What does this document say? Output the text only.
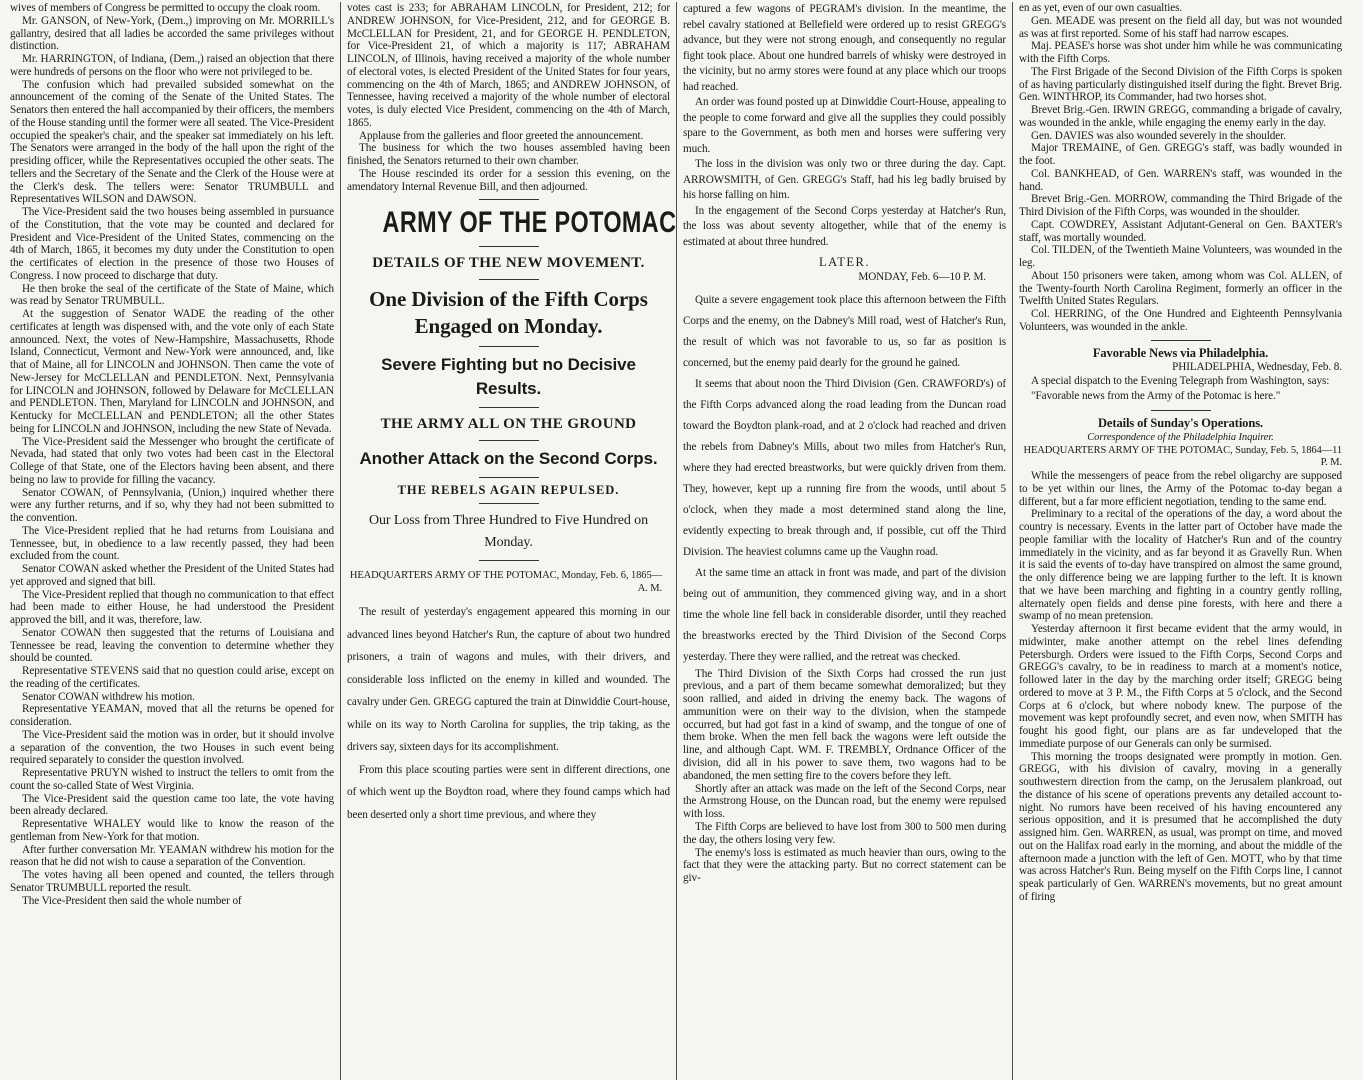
wives of members of Congress be permitted to occupy the cloak room.

Mr. GANSON, of New-York, (Dem.,) improving on Mr. MORRILL's gallantry, desired that all ladies be accorded the same privileges without distinction.

Mr. HARRINGTON, of Indiana, (Dem.,) raised an objection that there were hundreds of persons on the floor who were not privileged to be.

The confusion which had prevailed subsided somewhat on the announcement of the coming of the Senate of the United States. The Senators then entered the hall accompanied by their officers, the members of the House standing until the former were all seated. The Vice-President occupied the speaker's chair, and the speaker sat immediately on his left. The Senators were arranged in the body of the hall upon the right of the presiding officer, while the Representatives occupied the other seats. The tellers and the Secretary of the Senate and the Clerk of the House were at the Clerk's desk. The tellers were: Senator TRUMBULL and Representatives WILSON and DAWSON.

The Vice-President said the two houses being assembled in pursuance of the Constitution, that the vote may be counted and declared for President and Vice-President of the United States, commencing on the 4th of March, 1865, it becomes my duty under the Constitution to open the certificates of election in the presence of those two Houses of Congress. I now proceed to discharge that duty.

He then broke the seal of the certificate of the State of Maine, which was read by Senator TRUMBULL.

At the suggestion of Senator WADE the reading of the other certificates at length was dispensed with, and the vote only of each State announced. Next, the votes of New-Hampshire, Massachusetts, Rhode Island, Connecticut, Vermont and New-York were announced, and, like that of Maine, all for LINCOLN and JOHNSON. Then came the vote of New-Jersey for McCLELLAN and PENDLETON. Next, Pennsylvania for LINCOLN and JOHNSON, followed by Delaware for McCLELLAN and PENDLETON. Then, Maryland for LINCOLN and JOHNSON, and Kentucky for McCLELLAN and PENDLETON; all the other States being for LINCOLN and JOHNSON, including the new State of Nevada.

The Vice-President said the Messenger who brought the certificate of Nevada, had stated that only two votes had been cast in the Electoral College of that State, one of the Electors having been absent, and there being no law to provide for filling the vacancy.

Senator COWAN, of Pennsylvania, (Union,) inquired whether there were any further returns, and if so, why they had not been submitted to the convention.

The Vice-President replied that he had returns from Louisiana and Tennessee, but, in obedience to a law recently passed, they had been excluded from the count.

Senator COWAN asked whether the President of the United States had yet approved and signed that bill.

The Vice-President replied that though no communication to that effect had been made to either House, he had understood the President approved the bill, and it was, therefore, law.

Senator COWAN then suggested that the returns of Louisiana and Tennessee be read, leaving the convention to determine whether they should be counted.

Representative STEVENS said that no question could arise, except on the reading of the certificates.

Senator COWAN withdrew his motion.

Representative YEAMAN, moved that all the returns be opened for consideration.

The Vice-President said the motion was in order, but it should involve a separation of the convention, the two Houses in such event being required separately to consider the question involved.

Representative PRUYN wished to instruct the tellers to omit from the count the so-called State of West Virginia.

The Vice-President said the question came too late, the vote having been already declared.

Representative WHALEY would like to know the reason of the gentleman from New-York for that motion.

After further conversation Mr. YEAMAN withdrew his motion for the reason that he did not wish to cause a separation of the Convention.

The votes having all been opened and counted, the tellers through Senator TRUMBULL reported the result.

The Vice-President then said the whole number of

votes cast is 233; for ABRAHAM LINCOLN, for President, 212; for ANDREW JOHNSON, for Vice-President, 212, and for GEORGE B. McCLELLAN for President, 21, and for GEORGE H. PENDLETON, for Vice-President 21, of which a majority is 117; ABRAHAM LINCOLN, of Illinois, having received a majority of the whole number of electoral votes, is elected President of the United States for four years, commencing on the 4th of March, 1865; and ANDREW JOHNSON, of Tennessee, having received a majority of the whole number of electoral votes, is duly elected Vice President, commencing on the 4th of March, 1865.

Applause from the galleries and floor greeted the announcement.

The business for which the two houses assembled having been finished, the Senators returned to their own chamber.

The House rescinded its order for a session this evening, on the amendatory Internal Revenue Bill, and then adjourned.

ARMY OF THE POTOMAC
DETAILS OF THE NEW MOVEMENT.
One Division of the Fifth Corps Engaged on Monday.
Severe Fighting but no Decisive Results.
THE ARMY ALL ON THE GROUND
Another Attack on the Second Corps.
THE REBELS AGAIN REPULSED.
Our Loss from Three Hundred to Five Hundred on Monday.
HEADQUARTERS ARMY OF THE POTOMAC, Monday, Feb. 6, 1865—A. M.

The result of yesterday's engagement appeared this morning in our advanced lines beyond Hatcher's Run, the capture of about two hundred prisoners, a train of wagons and mules, with their drivers, and considerable loss inflicted on the enemy in killed and wounded. The cavalry under Gen. GREGG captured the train at Dinwiddie Court-house, while on its way to North Carolina for supplies, the trip taking, as the drivers say, sixteen days for its accomplishment.

From this place scouting parties were sent in different directions, one of which went up the Boydton road, where they found camps which had been deserted only a short time previous, and where they

captured a few wagons of PEGRAM's division. In the meantime, the rebel cavalry stationed at Bellefield were ordered up to resist GREGG's advance, but they were not strong enough, and consequently no regular fight took place. About one hundred barrels of whisky were destroyed in the vicinity, but no army stores were found at any place which our troops had reached.

An order was found posted up at Dinwiddie Court-House, appealing to the people to come forward and give all the supplies they could possibly spare to the Government, as both men and horses were suffering very much.

The loss in the division was only two or three during the day. Capt. ARROWSMITH, of Gen. GREGG's Staff, had his leg badly bruised by his horse falling on him.

In the engagement of the Second Corps yesterday at Hatcher's Run, the loss was about seventy altogether, while that of the enemy is estimated at about three hundred.

LATER.
MONDAY, Feb. 6—10 P. M.

Quite a severe engagement took place this afternoon between the Fifth Corps and the enemy, on the Dabney's Mill road, west of Hatcher's Run, the result of which was not favorable to us, so far as position is concerned, but the enemy paid dearly for the ground he gained.

It seems that about noon the Third Division (Gen. CRAWFORD's) of the Fifth Corps advanced along the road leading from the Duncan road toward the Boydton plank-road, and at 2 o'clock had reached and driven the rebels from Dabney's Mills, about two miles from Hatcher's Run, where they had erected breastworks, but were quickly driven from them. They, however, kept up a running fire from the woods, until about 5 o'clock, when they made a most determined stand along the line, evidently expecting to break through and, if possible, cut off the Third Division. The heaviest columns came up the Vaughn road.

At the same time an attack in front was made, and part of the division being out of ammunition, they commenced giving way, and in a short time the whole line fell back in considerable disorder, until they reached the breastworks erected by the Third Division of the Second Corps yesterday. There they were rallied, and the retreat was checked.

The Third Division of the Sixth Corps had crossed the run just previous, and a part of them became somewhat demoralized; but they soon rallied, and aided in driving the enemy back. The wagons of ammunition were on their way to the division, when the stampede occurred, but had got fast in a kind of swamp, and the tongue of one of them broke. When the men fell back the wagons were left outside the line, and although Capt. WM. F. TREMBLY, Ordnance Officer of the division, did all in his power to save them, two wagons had to be abandoned, the men setting fire to the covers before they left.

Shortly after an attack was made on the left of the Second Corps, near the Armstrong House, on the Duncan road, but the enemy were repulsed with loss.

The Fifth Corps are believed to have lost from 300 to 500 men during the day, the others losing very few.

The enemy's loss is estimated as much heavier than ours, owing to the fact that they were the attacking party. But no correct statement can be giv-

en as yet, even of our own casualties.

Gen. MEADE was present on the field all day, but was not wounded as was at first reported. Some of his staff had narrow escapes.

Maj. PEASE's horse was shot under him while he was communicating with the Fifth Corps.

The First Brigade of the Second Division of the Fifth Corps is spoken of as having particularly distinguished itself during the fight. Brevet Brig. Gen. WINTHROP, its Commander, had two horses shot.

Brevet Brig.-Gen. IRWIN GREGG, commanding a brigade of cavalry, was wounded in the ankle, while engaging the enemy early in the day.

Gen. DAVIES was also wounded severely in the shoulder.

Major TREMAINE, of Gen. GREGG's staff, was badly wounded in the foot.

Col. BANKHEAD, of Gen. WARREN's staff, was wounded in the hand.

Brevet Brig.-Gen. MORROW, commanding the Third Brigade of the Third Division of the Fifth Corps, was wounded in the shoulder.

Capt. COWDREY, Assistant Adjutant-General on Gen. BAXTER's staff, was mortally wounded.

Col. TILDEN, of the Twentieth Maine Volunteers, was wounded in the leg.

About 150 prisoners were taken, among whom was Col. ALLEN, of the Twenty-fourth North Carolina Regiment, formerly an officer in the Twelfth United States Regulars.

Col. HERRING, of the One Hundred and Eighteenth Pennsylvania Volunteers, was wounded in the ankle.

Favorable News via Philadelphia.
PHILADELPHIA, Wednesday, Feb. 8.

A special dispatch to the Evening Telegraph from Washington, says:

"Favorable news from the Army of the Potomac is here."

Details of Sunday's Operations.
Correspondence of the Philadelphia Inquirer.
HEADQUARTERS ARMY OF THE POTOMAC, Sunday, Feb. 5, 1864—11 P. M.

While the messengers of peace from the rebel oligarchy are supposed to be yet within our lines, the Army of the Potomac to-day began a different, but a far more efficient negotiation, tending to the same end.

Preliminary to a recital of the operations of the day, a word about the country is necessary. Events in the latter part of October have made the people familiar with the locality of Hatcher's Run and of the country immediately in the vicinity, and as far beyond it as Gravelly Run. When it is said the events of to-day have transpired on almost the same ground, the only difference being we are lapping further to the left. It is known that we have been marching and fighting in a country gently rolling, alternately open fields and dense pine forests, with here and there a swamp of no mean pretension.

Yesterday afternoon it first became evident that the army would, in midwinter, make another attempt on the rebel lines defending Petersburgh. Orders were issued to the Fifth Corps, Second Corps and GREGG's cavalry, to be in readiness to march at a moment's notice, followed later in the day by the marching order itself; GREGG being ordered to move at 3 P. M., the Fifth Corps at 5 o'clock, and the Second Corps at 6 o'clock, but where nobody knew. The purpose of the movement was kept profoundly secret, and even now, when SMITH has fought his good fight, our plans are as far undeveloped that the immediate purpose of our Generals can only be surmised.

This morning the troops designated were promptly in motion. Gen. GREGG, with his division of cavalry, moving in a generally southwestern direction from the camp, on the Jerusalem plankroad, out the distance of his scene of operations prevents any detailed account to-night. No rumors have been received of his having encountered any serious opposition, and it is presumed that he accomplished the duty assigned him. Gen. WARREN, as usual, was prompt on time, and moved out on the Halifax road early in the morning, and about the middle of the afternoon made a junction with the left of Gen. MOTT, who by that time was across Hatcher's Run. Being myself on the Fifth Corps line, I cannot speak particularly of Gen. WARREN's movements, but no great amount of firing
